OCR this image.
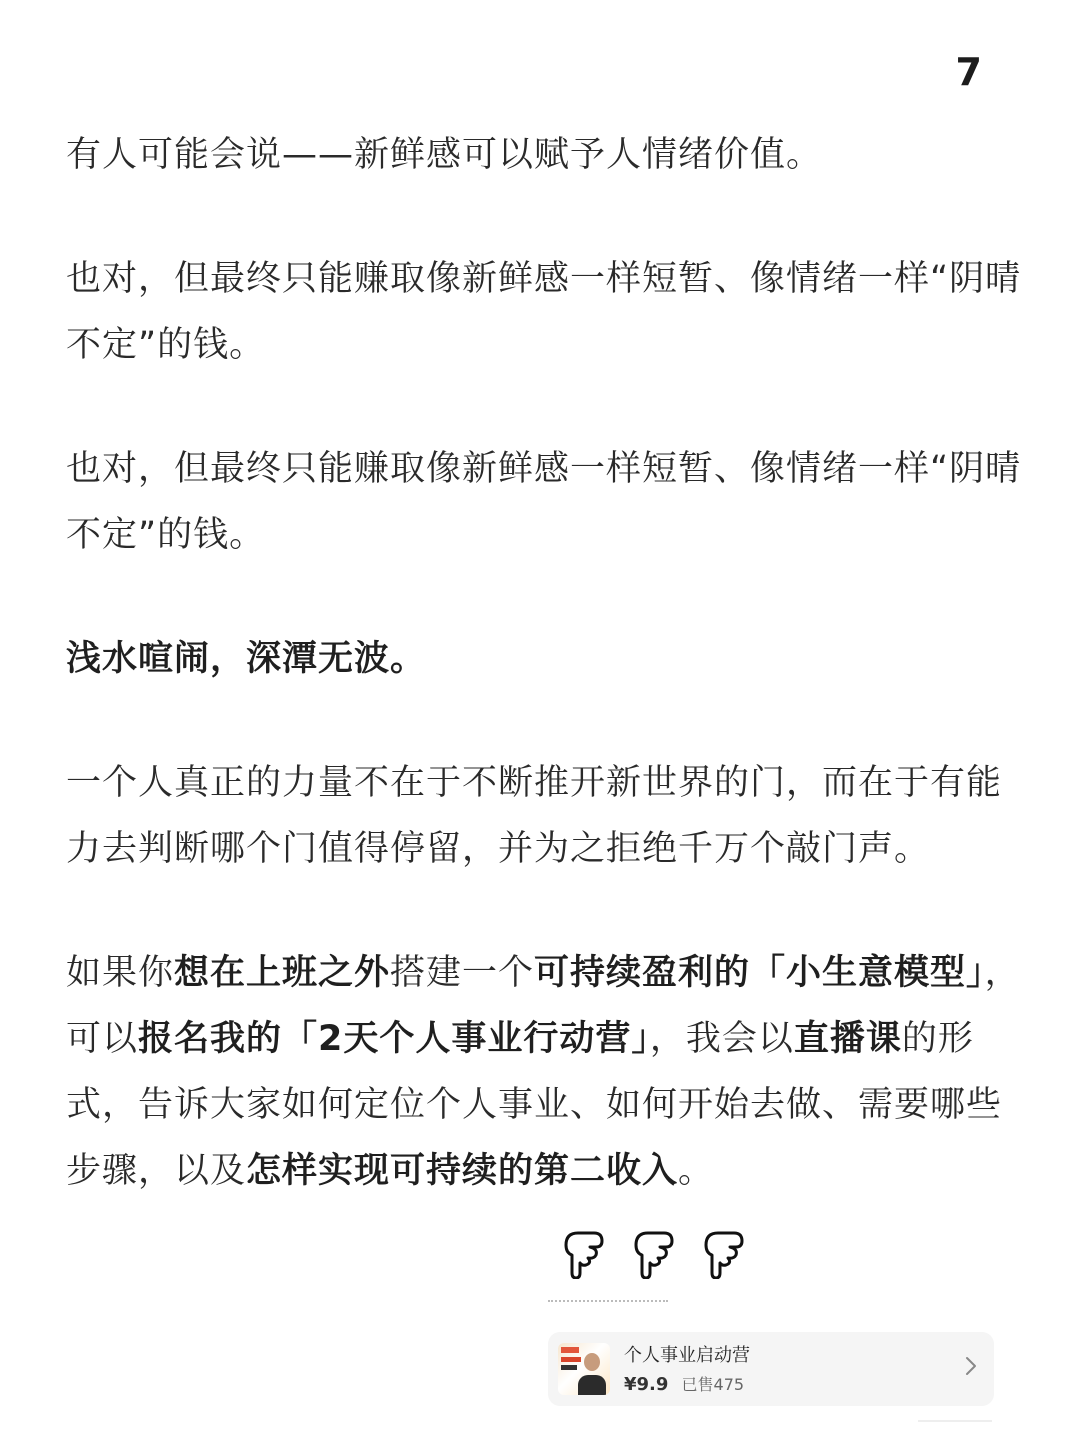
7

有人可能会说——新鲜感可以赋予人情绪价值。

也对，但最终只能赚取像新鲜感一样短暂、像情绪一样“阴晴不定”的钱。

也对，但最终只能赚取像新鲜感一样短暂、像情绪一样“阴晴不定”的钱。

浅水喧闹，深潭无波。

一个人真正的力量不在于不断推开新世界的门，而在于有能力去判断哪个门值得停留，并为之拒绝千万个敲门声。

如果你想在上班之外搭建一个可持续盈利的「小生意模型」，可以报名我的「2天个人事业行动营」，我会以直播课的形式，告诉大家如何定位个人事业、如何开始去做、需要哪些步骤，以及怎样实现可持续的第二收入。

个人事业启动营
¥9.9 已售475
